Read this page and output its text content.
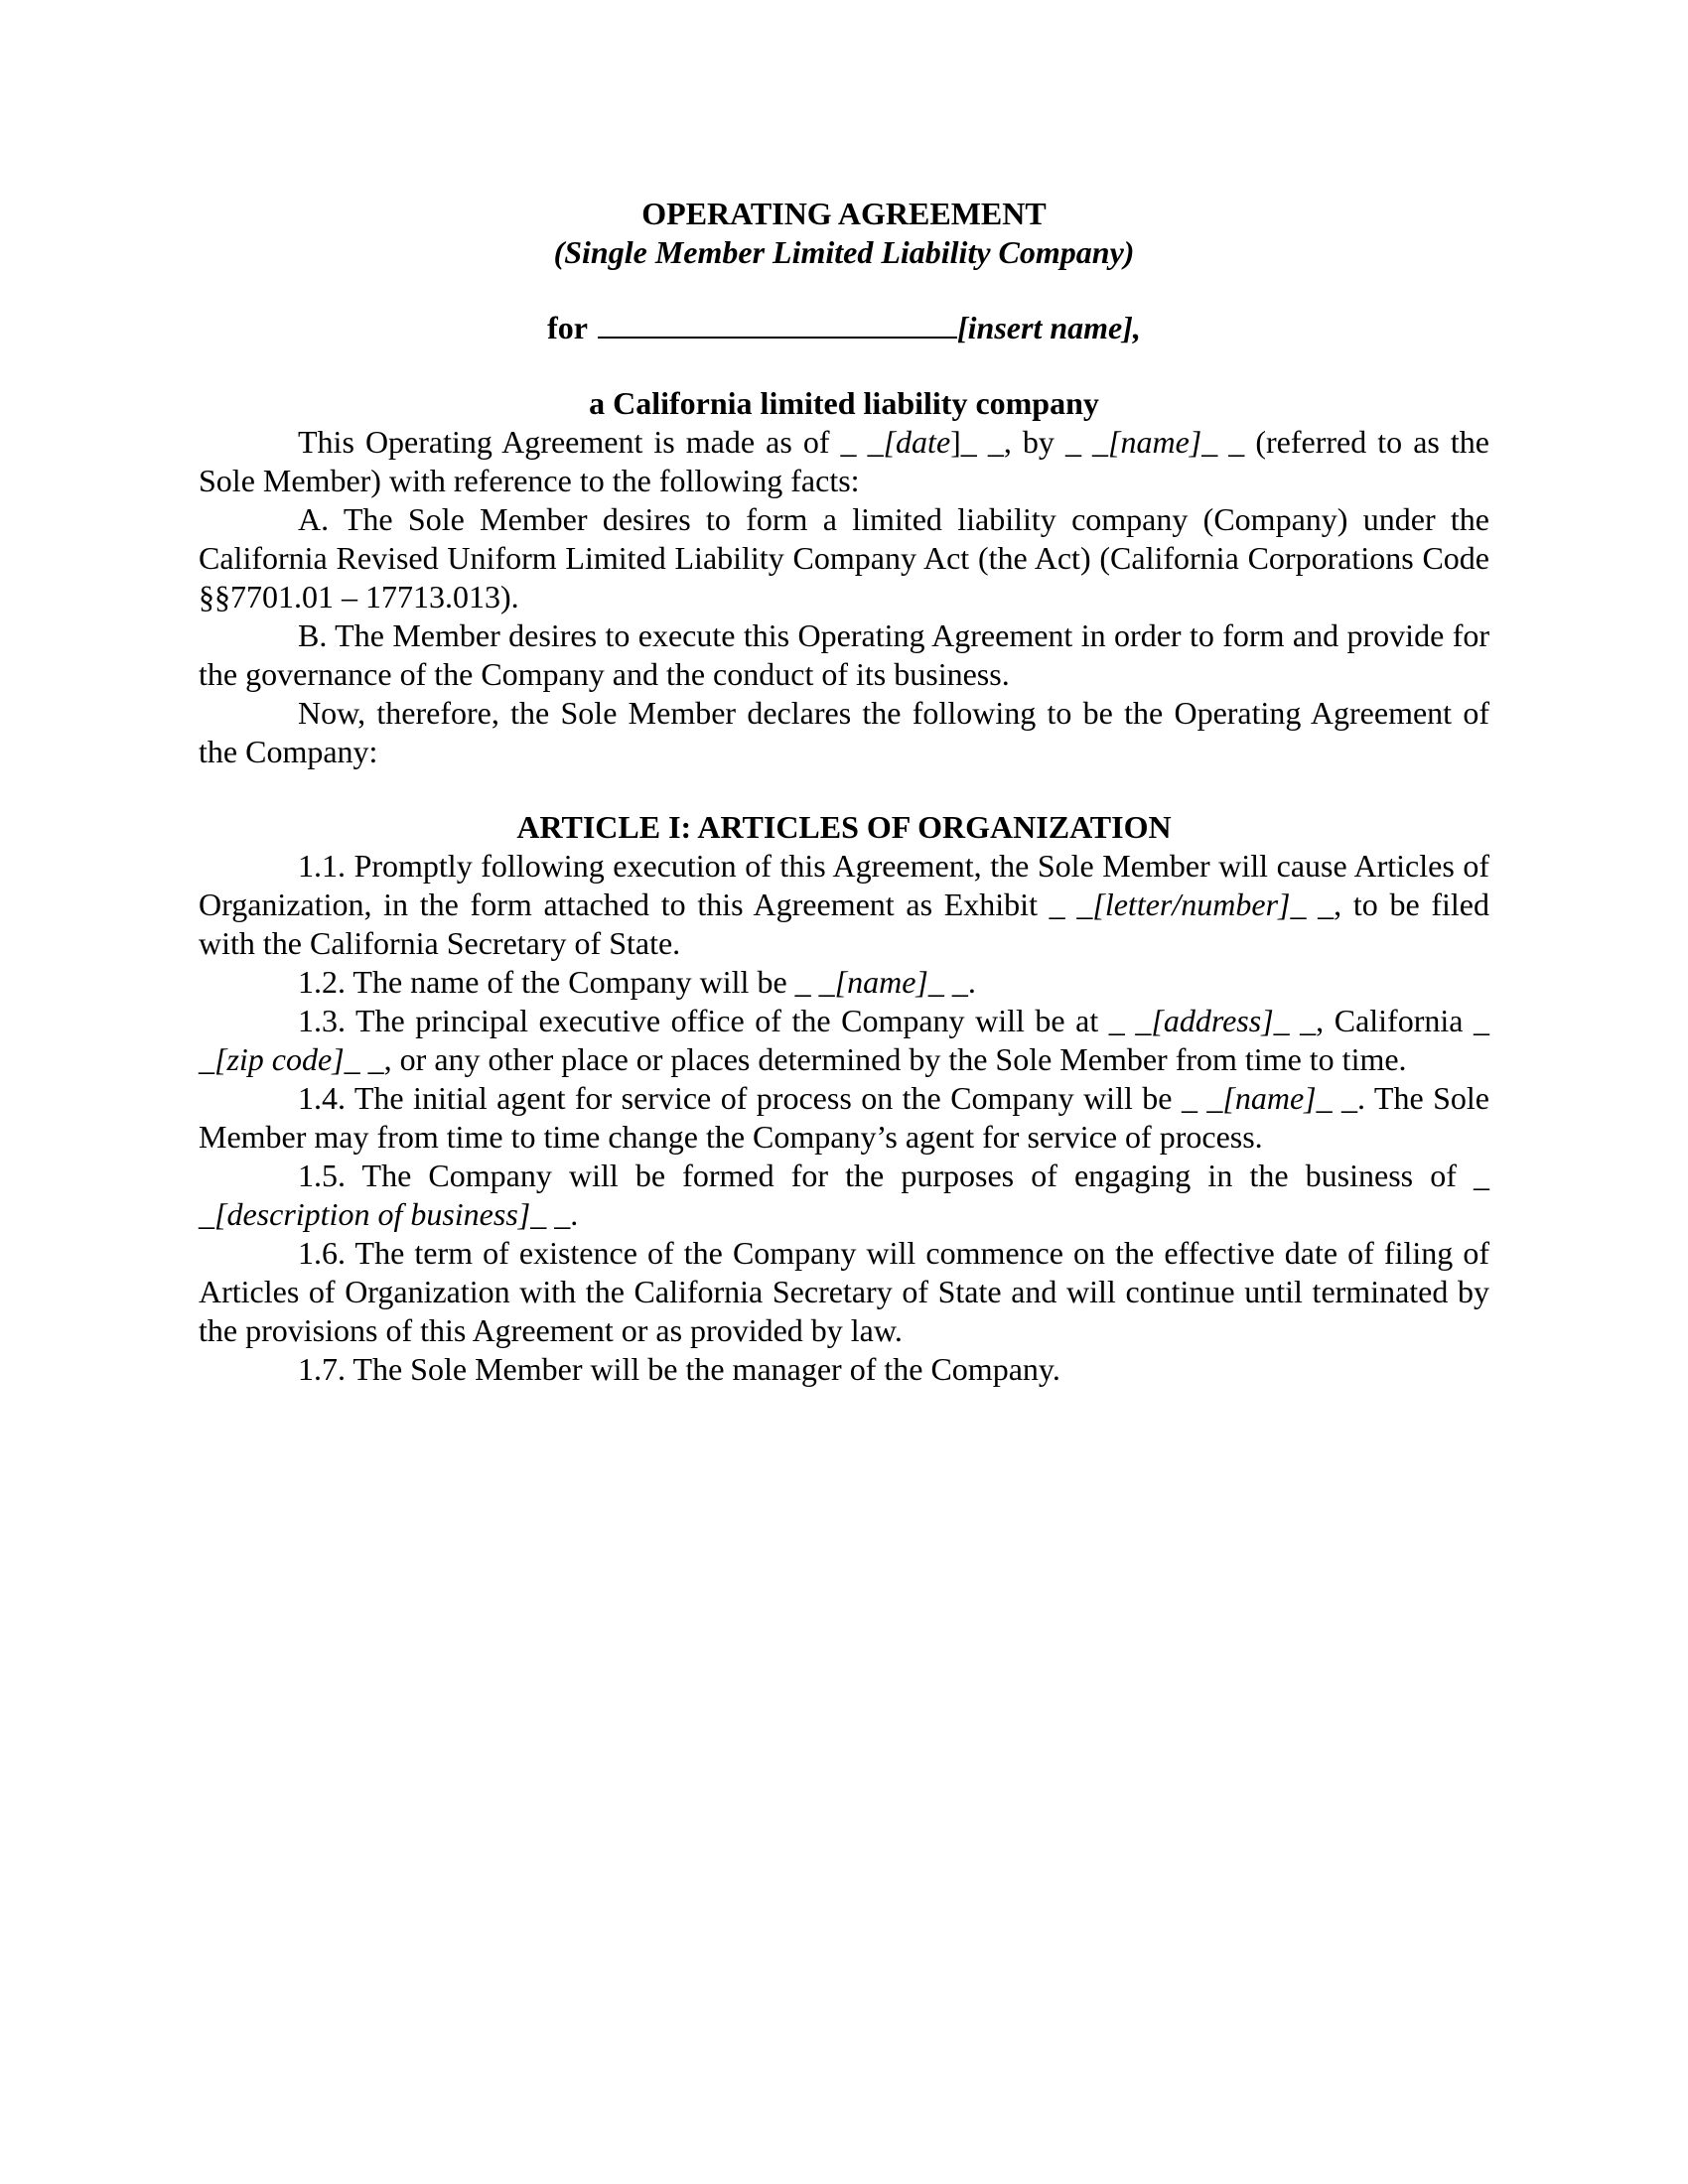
OPERATING AGREEMENT
(Single Member Limited Liability Company)
for	[insert name],
a California limited liability company

This Operating Agreement is made as of _ _[date]_ _, by _ _[name]_ _ (referred to as the Sole Member) with reference to the following facts:

A. The Sole Member desires to form a limited liability company (Company) under the California Revised Uniform Limited Liability Company Act (the Act) (California Corporations Code §§7701.01 – 17713.013).

B. The Member desires to execute this Operating Agreement in order to form and provide for the governance of the Company and the conduct of its business.

Now, therefore, the Sole Member declares the following to be the Operating Agreement of the Company:

ARTICLE I: ARTICLES OF ORGANIZATION

1.1. Promptly following execution of this Agreement, the Sole Member will cause Articles of Organization, in the form attached to this Agreement as Exhibit _ _[letter/number]_ _, to be filed with the California Secretary of State.

1.2. The name of the Company will be _ _[name]_ _.

1.3. The principal executive office of the Company will be at _ _[address]_ _, California _ _[zip code]_ _, or any other place or places determined by the Sole Member from time to time.

1.4. The initial agent for service of process on the Company will be _ _[name]_ _. The Sole Member may from time to time change the Company’s agent for service of process.

1.5. The Company will be formed for the purposes of engaging in the business of _ _[description of business]_ _.

1.6. The term of existence of the Company will commence on the effective date of filing of Articles of Organization with the California Secretary of State and will continue until terminated by the provisions of this Agreement or as provided by law.

1.7. The Sole Member will be the manager of the Company.
